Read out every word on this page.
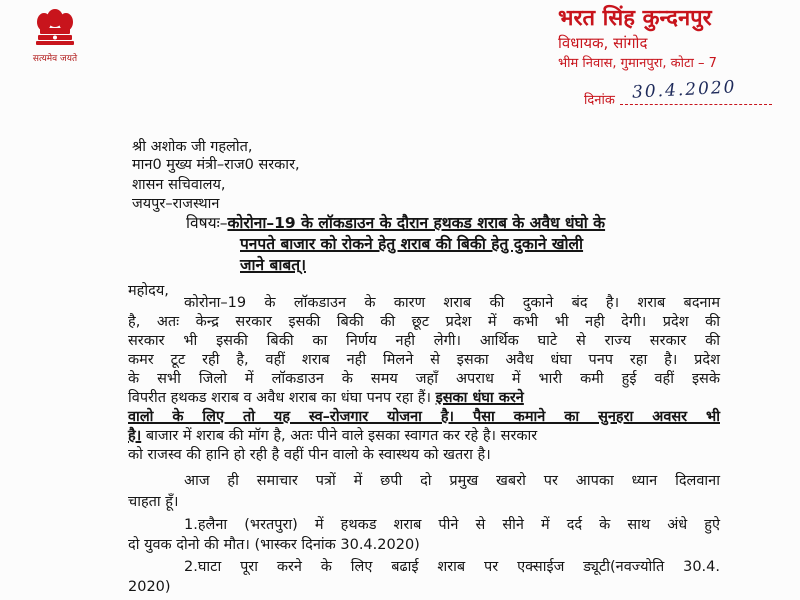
सत्यमेव जयते
भरत सिंह कुन्दनपुर
विधायक, सांगोद
भीम निवास, गुमानपुरा, कोटा – 7
दिनांक 30.4.2020
श्री अशोक जी गहलोत,
मान0 मुख्य मंत्री–राज0 सरकार,
शासन सचिवालय,
जयपुर–राजस्थान
विषयः–कोरोना–19 के लॉकडाउन के दौरान हथकड शराब के अवैध धंघो के
पनपते बाजार को रोकने हेतु शराब की बिकी हेतु दुकाने खोली
जाने बाबत्।
महोदय,
कोरोना–19 के लॉकडाउन के कारण शराब की दुकाने बंद है। शराब बदनाम
है, अतः केन्द्र सरकार इसकी बिकी की छूट प्रदेश में कभी भी नही देगी। प्रदेश की
सरकार भी इसकी बिकी का निर्णय नही लेगी। आर्थिक घाटे से राज्य सरकार की
कमर टूट रही है, वहीं शराब नही मिलने से इसका अवैध धंघा पनप रहा है। प्रदेश
के सभी जिलो में लॉकडाउन के समय जहॉं अपराध में भारी कमी हुई वहीं इसके
विपरीत हथकड शराब व अवैध शराब का धंघा पनप रहा हैं। इसका धंघा करने
वालो के लिए तो यह स्व–रोजगार योजना है। पैसा कमाने का सुनहरा अवसर भी
है। बाजार में शराब की मॉग है, अतः पीने वाले इसका स्वागत कर रहे है। सरकार
को राजस्व की हानि हो रही है वहीं पीन वालो के स्वास्थय को खतरा है।
आज ही समाचार पत्रों में छपी दो प्रमुख खबरो पर आपका ध्यान दिलवाना
चाहता हूँ।
1.हलैना (भरतपुरा) में हथकड शराब पीने से सीने में दर्द के साथ अंधे हुऐ
दो युवक दोनो की मौत। (भास्कर दिनांक 30.4.2020)
2.घाटा पूरा करने के लिए बढाई शराब पर एक्साईज ड्यूटी(नवज्योति 30.4.
2020)
